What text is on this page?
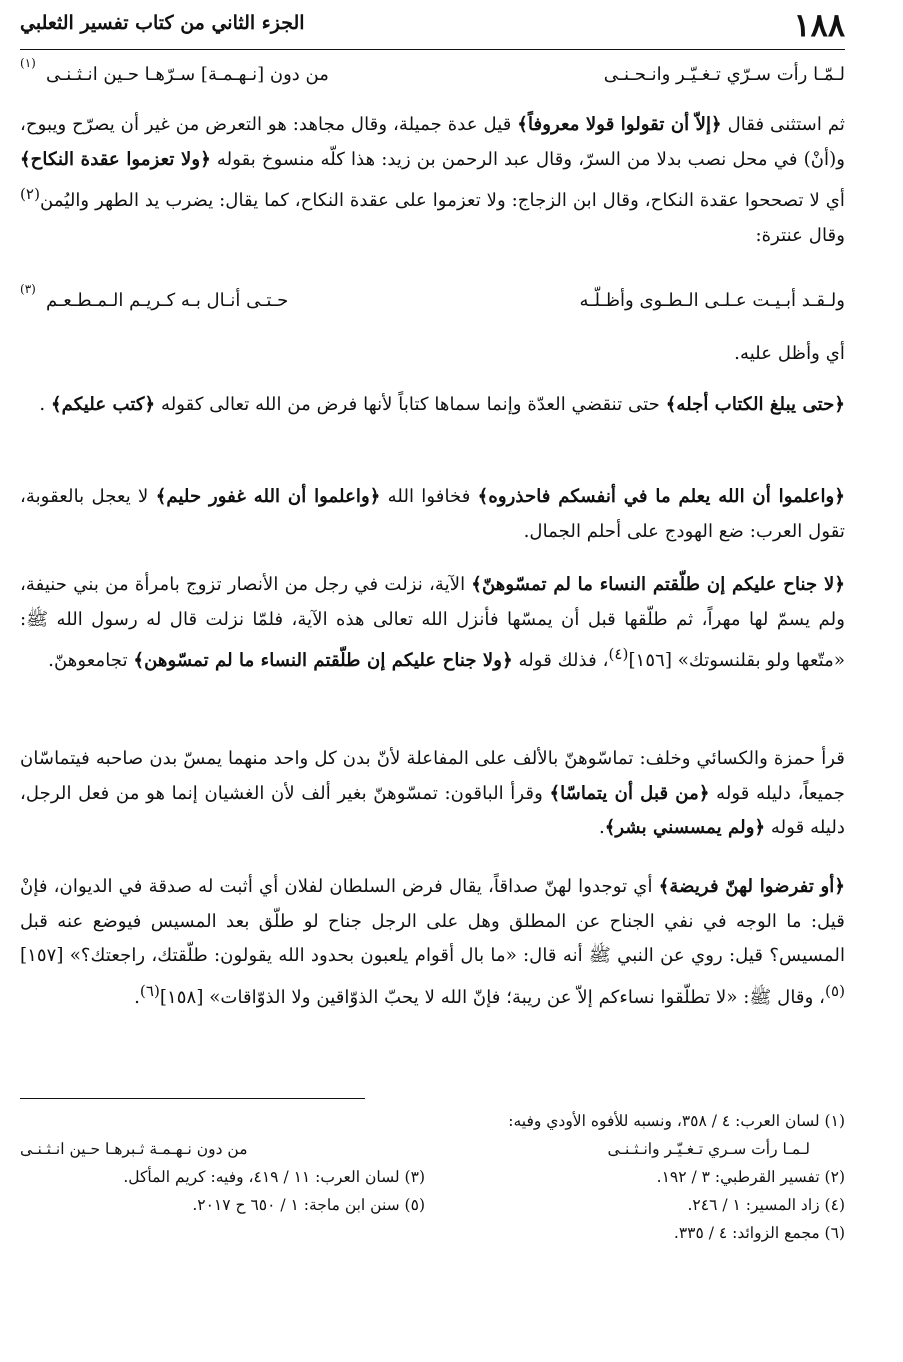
١٨٨
الجزء الثاني من كتاب تفسير الثعلبي
لـمّـا رأت سـرّي تـغـيّـر وانـحـنـى
من دون [نـهـمـة] سـرّهـا حـين انـثـنـى
(١)

ثم استثنى فقال ﴿إلاّ أن تقولوا قولا معروفاً﴾ قيل عدة جميلة، وقال مجاهد: هو التعرض من غير أن يصرّح ويبوح، و(أنْ) في محل نصب بدلا من السرّ، وقال عبد الرحمن بن زيد: هذا كلّه منسوخ بقوله ﴿ولا تعزموا عقدة النكاح﴾ أي لا تصححوا عقدة النكاح، وقال ابن الزجاج: ولا تعزموا على عقدة النكاح، كما يقال: يضرب يد الطهر واليُمن$^{(٢)}$ وقال عنترة:

ولـقـد أبـيـت عـلـى الـطـوى وأظـلّـه
حـتـى أنـال بـه كـريـم الـمـطـعـم
(٣)

أي وأظل عليه.

﴿حتى يبلغ الكتاب أجله﴾ حتى تنقضي العدّة وإنما سماها كتاباً لأنها فرض من الله تعالى كقوله ﴿كتب عليكم﴾ .

﴿واعلموا أن الله يعلم ما في أنفسكم فاحذروه﴾ فخافوا الله ﴿واعلموا أن الله غفور حليم﴾ لا يعجل بالعقوبة، تقول العرب: ضع الهودج على أحلم الجمال.

﴿لا جناح عليكم إن طلّقتم النساء ما لم تمسّوهنّ﴾ الآية، نزلت في رجل من الأنصار تزوج بامرأة من بني حنيفة، ولم يسمّ لها مهراً، ثم طلّقها قبل أن يمسّها فأنزل الله تعالى هذه الآية، فلمّا نزلت قال له رسول الله ﷺ: «متّعها ولو بقلنسوتك» [١٥٦]$^{(٤)}$، فذلك قوله ﴿ولا جناح عليكم إن طلّقتم النساء ما لم تمسّوهن﴾ تجامعوهنّ.

قرأ حمزة والكسائي وخلف: تماسّوهنّ بالألف على المفاعلة لأنّ بدن كل واحد منهما يمسّ بدن صاحبه فيتماسّان جميعاً، دليله قوله ﴿من قبل أن يتماسّا﴾ وقرأ الباقون: تمسّوهنّ بغير ألف لأن الغشيان إنما هو من فعل الرجل، دليله قوله ﴿ولم يمسسني بشر﴾.

﴿أو تفرضوا لهنّ فريضة﴾ أي توجدوا لهنّ صداقاً، يقال فرض السلطان لفلان أي أثبت له صدقة في الديوان، فإنْ قيل: ما الوجه في نفي الجناح عن المطلق وهل على الرجل جناح لو طلّق بعد المسيس فيوضع عنه قبل المسيس؟ قيل: روي عن النبي ﷺ أنه قال: «ما بال أقوام يلعبون بحدود الله يقولون: طلّقتك، راجعتك؟» [١٥٧]$^{(٥)}$، وقال ﷺ: «لا تطلّقوا نساءكم إلاّ عن ريبة؛ فإنّ الله لا يحبّ الذوّاقين ولا الذوّاقات» [١٥٨]$^{(٦)}$.

(١) لسان العرب: ٤ / ٣٥٨، ونسبه للأفوه الأودي وفيه:
لـمـا رأت سـري تـغـيّـر وانـثـنـى
من دون نـهـمـة ثـبرهـا حـين انـثـنـى
(٢) تفسير القرطبي: ٣ / ١٩٢.
(٣) لسان العرب: ١١ / ٤١٩، وفيه: كريم المأكل.
(٤) زاد المسير: ١ / ٢٤٦.
(٥) سنن ابن ماجة: ١ / ٦٥٠ ح ٢٠١٧.
(٦) مجمع الزوائد: ٤ / ٣٣٥.
